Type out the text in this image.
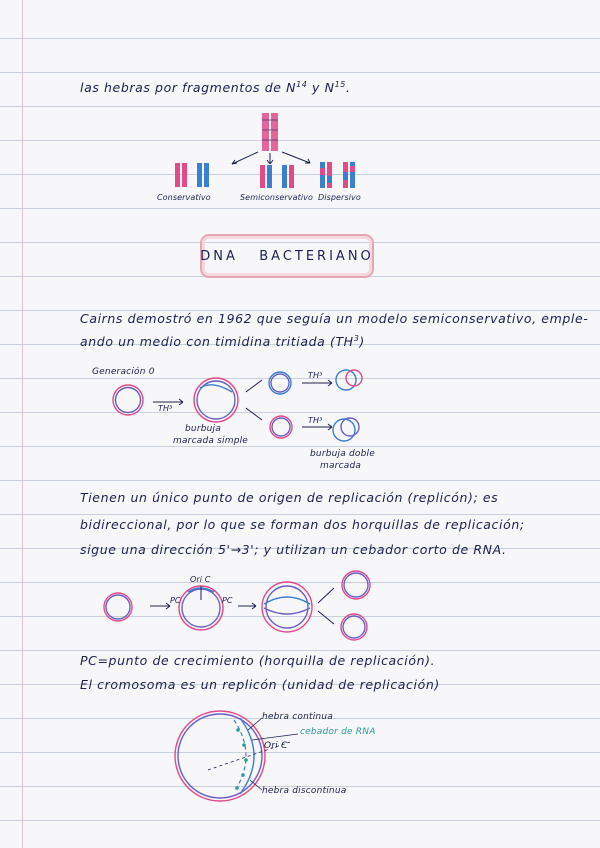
las hebras por fragmentos de $N^{14}$ y $N^{15}$.
Conservativo	Semiconservativo Dispersivo
DNA   BACTERIANO
Cairns demostró en 1962 que seguía un modelo semiconservativo, emple-
ando un medio con timidina tritiada $(TH^3)$
Generación 0
TH³
TH³
TH³
burbuja
marcada simple
burbuja doble
marcada
Tienen un único punto de origen de replicación (replicón); es
bidireccional, por lo que se forman dos horquillas de replicación;
sigue una dirección 5'→3'; y utilizan un cebador corto de RNA.
Ori C
PC	PC
PC=punto de crecimiento (horquilla de replicación).
El cromosoma es un replicón (unidad de replicación)
hebra continua
cebador de RNA
Ori C
hebra discontinua
